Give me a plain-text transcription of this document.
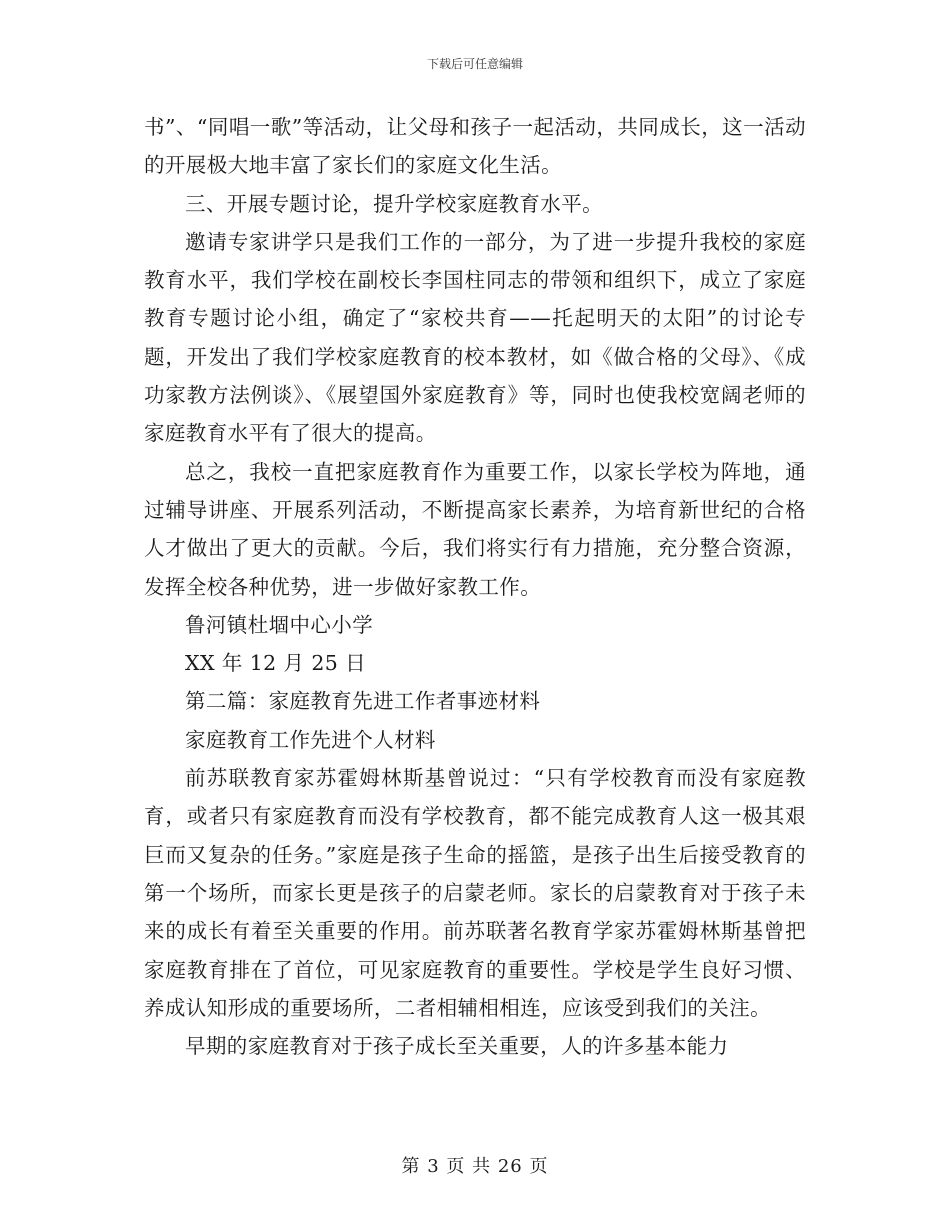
下载后可任意编辑

书”、“同唱一歌”等活动，让父母和孩子一起活动，共同成长，这一活动的开展极大地丰富了家长们的家庭文化生活。

三、开展专题讨论，提升学校家庭教育水平。

邀请专家讲学只是我们工作的一部分，为了进一步提升我校的家庭教育水平，我们学校在副校长李国柱同志的带领和组织下，成立了家庭教育专题讨论小组，确定了“家校共育——托起明天的太阳”的讨论专题，开发出了我们学校家庭教育的校本教材，如《做合格的父母》、《成功家教方法例谈》、《展望国外家庭教育》等，同时也使我校宽阔老师的家庭教育水平有了很大的提高。

总之，我校一直把家庭教育作为重要工作，以家长学校为阵地，通过辅导讲座、开展系列活动，不断提高家长素养，为培育新世纪的合格人才做出了更大的贡献。今后，我们将实行有力措施，充分整合资源，发挥全校各种优势，进一步做好家教工作。

鲁河镇杜堌中心小学

XX 年 12 月 25 日

第二篇：家庭教育先进工作者事迹材料

家庭教育工作先进个人材料

前苏联教育家苏霍姆林斯基曾说过：“只有学校教育而没有家庭教育，或者只有家庭教育而没有学校教育，都不能完成教育人这一极其艰巨而又复杂的任务。”家庭是孩子生命的摇篮，是孩子出生后接受教育的第一个场所，而家长更是孩子的启蒙老师。家长的启蒙教育对于孩子未来的成长有着至关重要的作用。前苏联著名教育学家苏霍姆林斯基曾把家庭教育排在了首位，可见家庭教育的重要性。学校是学生良好习惯、养成认知形成的重要场所，二者相辅相相连，应该受到我们的关注。

早期的家庭教育对于孩子成长至关重要，人的许多基本能力

第 3 页 共 26 页
